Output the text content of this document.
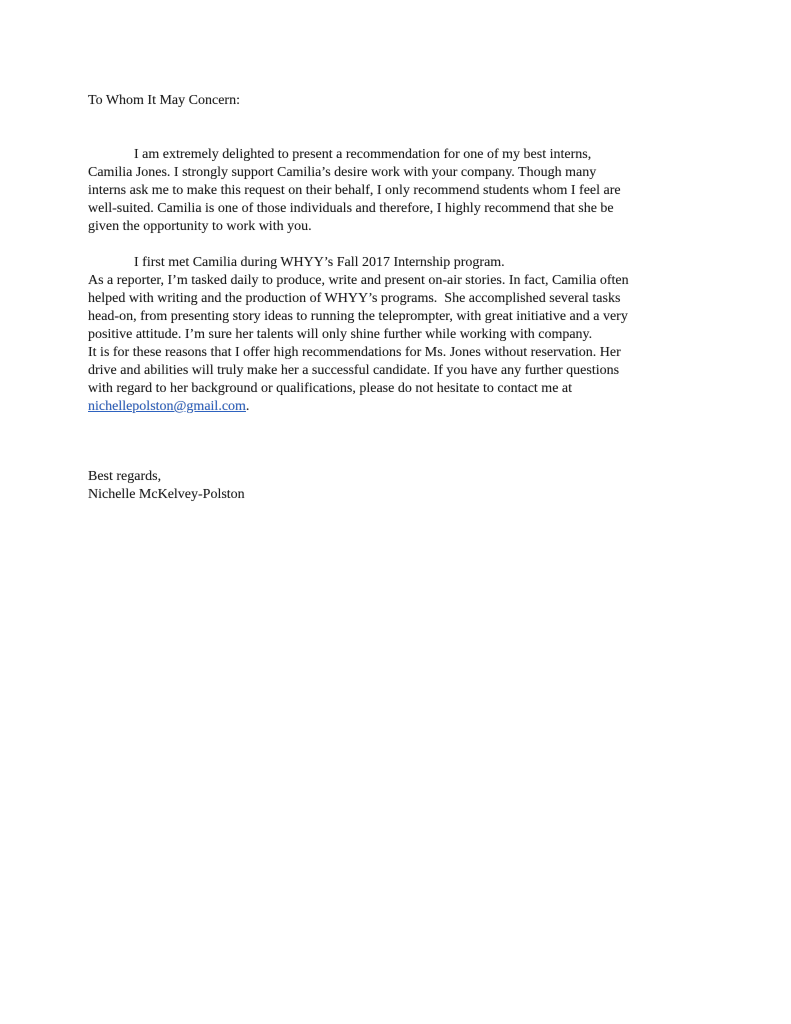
To Whom It May Concern:
I am extremely delighted to present a recommendation for one of my best interns,
Camilia Jones. I strongly support Camilia’s desire work with your company. Though many
interns ask me to make this request on their behalf, I only recommend students whom I feel are
well-suited. Camilia is one of those individuals and therefore, I highly recommend that she be
given the opportunity to work with you.
I first met Camilia during WHYY’s Fall 2017 Internship program.
As a reporter, I’m tasked daily to produce, write and present on-air stories. In fact, Camilia often
helped with writing and the production of WHYY’s programs.  She accomplished several tasks
head-on, from presenting story ideas to running the teleprompter, with great initiative and a very
positive attitude. I’m sure her talents will only shine further while working with company.
It is for these reasons that I offer high recommendations for Ms. Jones without reservation. Her
drive and abilities will truly make her a successful candidate. If you have any further questions
with regard to her background or qualifications, please do not hesitate to contact me at
nichellepolston@gmail.com.
Best regards,
Nichelle McKelvey-Polston
